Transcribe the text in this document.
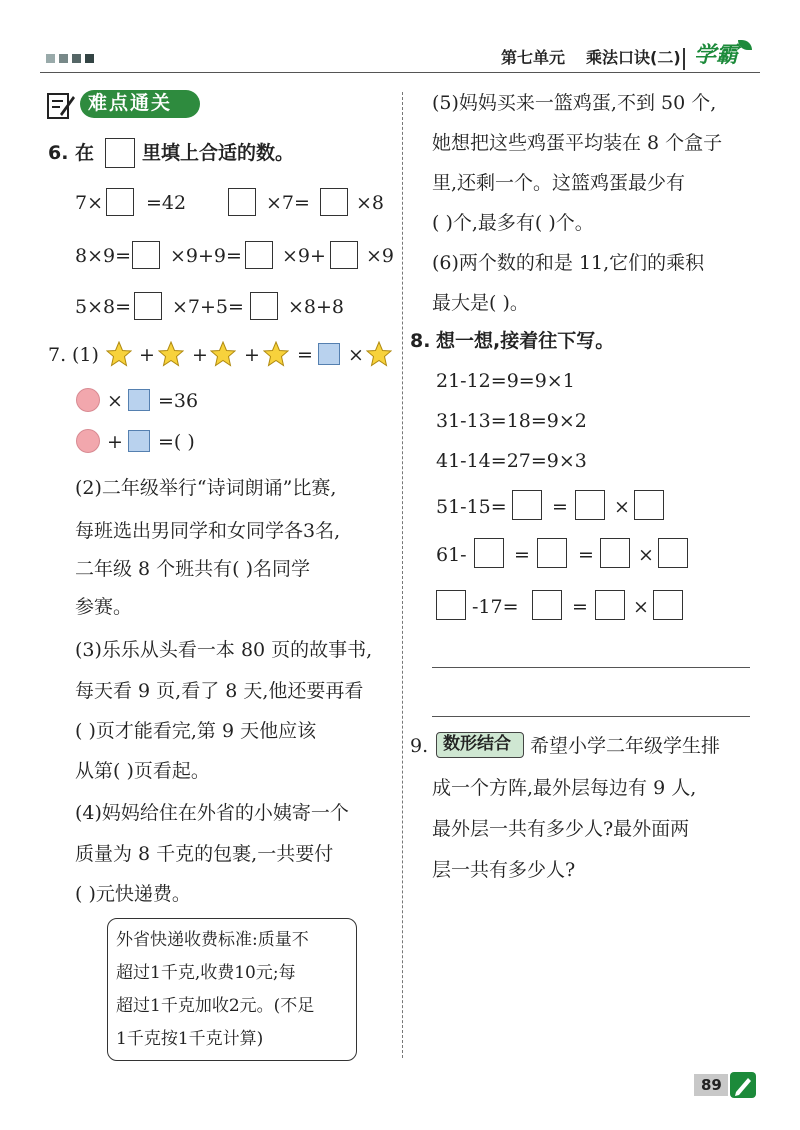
第七单元 乘法口诀(二) 学霸
难点通关
6. 在	里填上合适的数。
7× =42	×7= ×8
8×9= ×9+9= ×9+ ×9
5×8= ×7+5= ×8+8
7. (1) + + + = ×
× =36
+ =( )
(2)二年级举行“诗词朗诵”比赛,
每班选出男同学和女同学各3名,
二年级 8 个班共有( )名同学
参赛。
(3)乐乐从头看一本 80 页的故事书,
每天看 9 页,看了 8 天,他还要再看
( )页才能看完,第 9 天他应该
从第( )页看起。
(4)妈妈给住在外省的小姨寄一个
质量为 8 千克的包裹,一共要付
( )元快递费。
外省快递收费标准:质量不
超过1千克,收费10元;每
超过1千克加收2元。(不足
1千克按1千克计算)
(5)妈妈买来一篮鸡蛋,不到 50 个,
她想把这些鸡蛋平均装在 8 个盒子
里,还剩一个。这篮鸡蛋最少有
( )个,最多有( )个。
(6)两个数的和是 11,它们的乘积
最大是( )。
8. 想一想,接着往下写。
21-12=9=9×1
31-13=18=9×2
41-14=27=9×3
51-15= = ×
61- =	= ×
-17=	= ×
9. 数形结合 希望小学二年级学生排
成一个方阵,最外层每边有 9 人,
最外层一共有多少人?最外面两
层一共有多少人?
89
